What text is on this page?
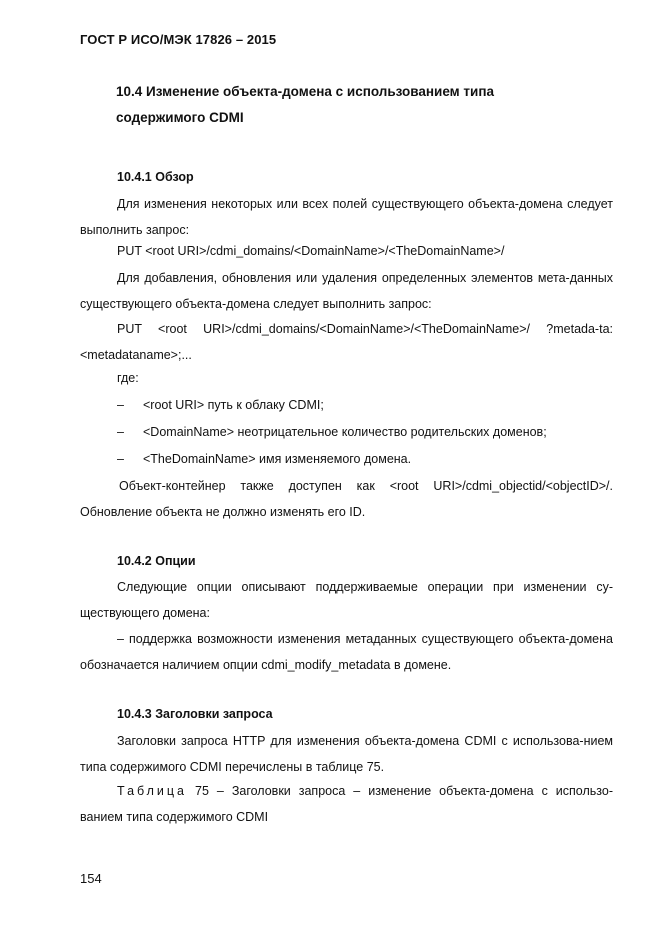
ГОСТ Р ИСО/МЭК 17826 – 2015
10.4 Изменение объекта-домена с использованием типа содержимого CDMI
10.4.1 Обзор
Для изменения некоторых или всех полей существующего объекта-домена следует выполнить запрос:
PUT <root URI>/cdmi_domains/<DomainName>/<TheDomainName>/
Для добавления, обновления или удаления определенных элементов мета-данных существующего объекта-домена следует выполнить запрос:
PUT <root URI>/cdmi_domains/<DomainName>/<TheDomainName>/ ?metada-ta:<metadataname>;...
где:
– <root URI> путь к облаку CDMI;
– <DomainName> неотрицательное количество родительских доменов;
– <TheDomainName> имя изменяемого домена.
Объект-контейнер также доступен как <root URI>/cdmi_objectid/<objectID>/. Обновление объекта не должно изменять его ID.
10.4.2 Опции
Следующие опции описывают поддерживаемые операции при изменении су-ществующего домена:
– поддержка возможности изменения метаданных существующего объекта-домена обозначается наличием опции cdmi_modify_metadata в домене.
10.4.3 Заголовки запроса
Заголовки запроса HTTP для изменения объекта-домена CDMI с использова-нием типа содержимого CDMI перечислены в таблице 75.
Таблица 75 – Заголовки запроса – изменение объекта-домена с использо-ванием типа содержимого CDMI
154
